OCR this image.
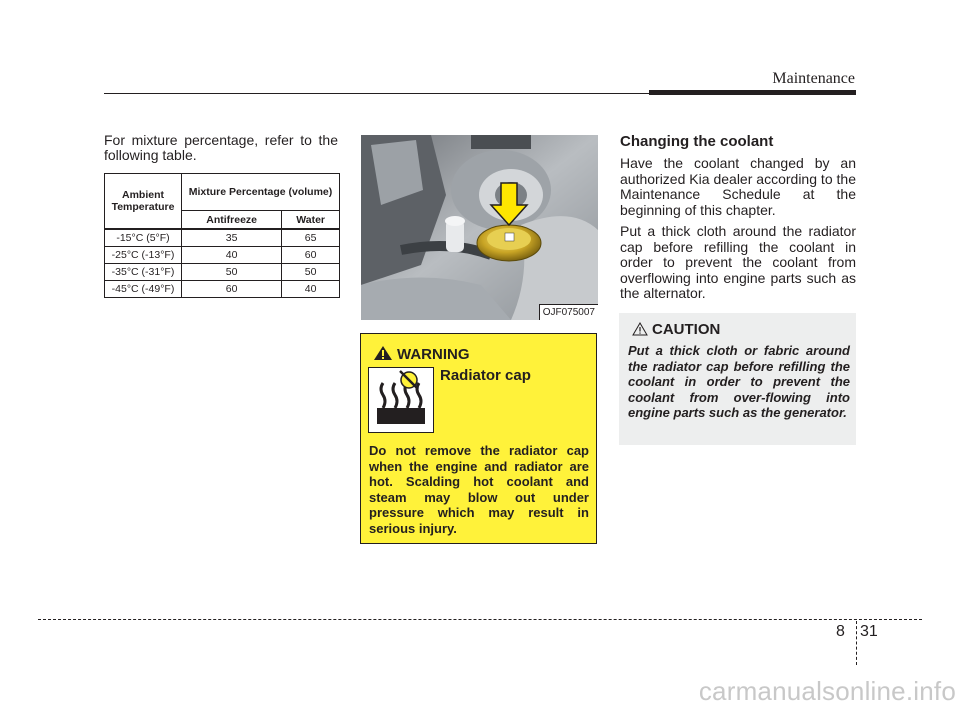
Maintenance
For mixture percentage, refer to the following table.
Ambient Temperature	Mixture Percentage (volume)	
	Antifreeze	Water
-15°C (5°F)	35	65
-25°C (-13°F)	40	60
-35°C (-31°F)	50	50
-45°C (-49°F)	60	40
OJF075007
WARNING
Radiator cap
Do not remove the radiator cap when the engine and radiator are hot. Scalding hot coolant and steam may blow out under pressure which may result in serious injury.
Changing the coolant
Have the coolant changed by an authorized Kia dealer according to the Maintenance Schedule at the beginning of this chapter.
Put a thick cloth around the radiator cap before refilling the coolant in order to prevent the coolant from overflowing into engine parts such as the alternator.
CAUTION
Put a thick cloth or fabric around the radiator cap before refilling the coolant in order to prevent the coolant from over-flowing into engine parts such as the generator.
8 31
carmanualsonline.info
